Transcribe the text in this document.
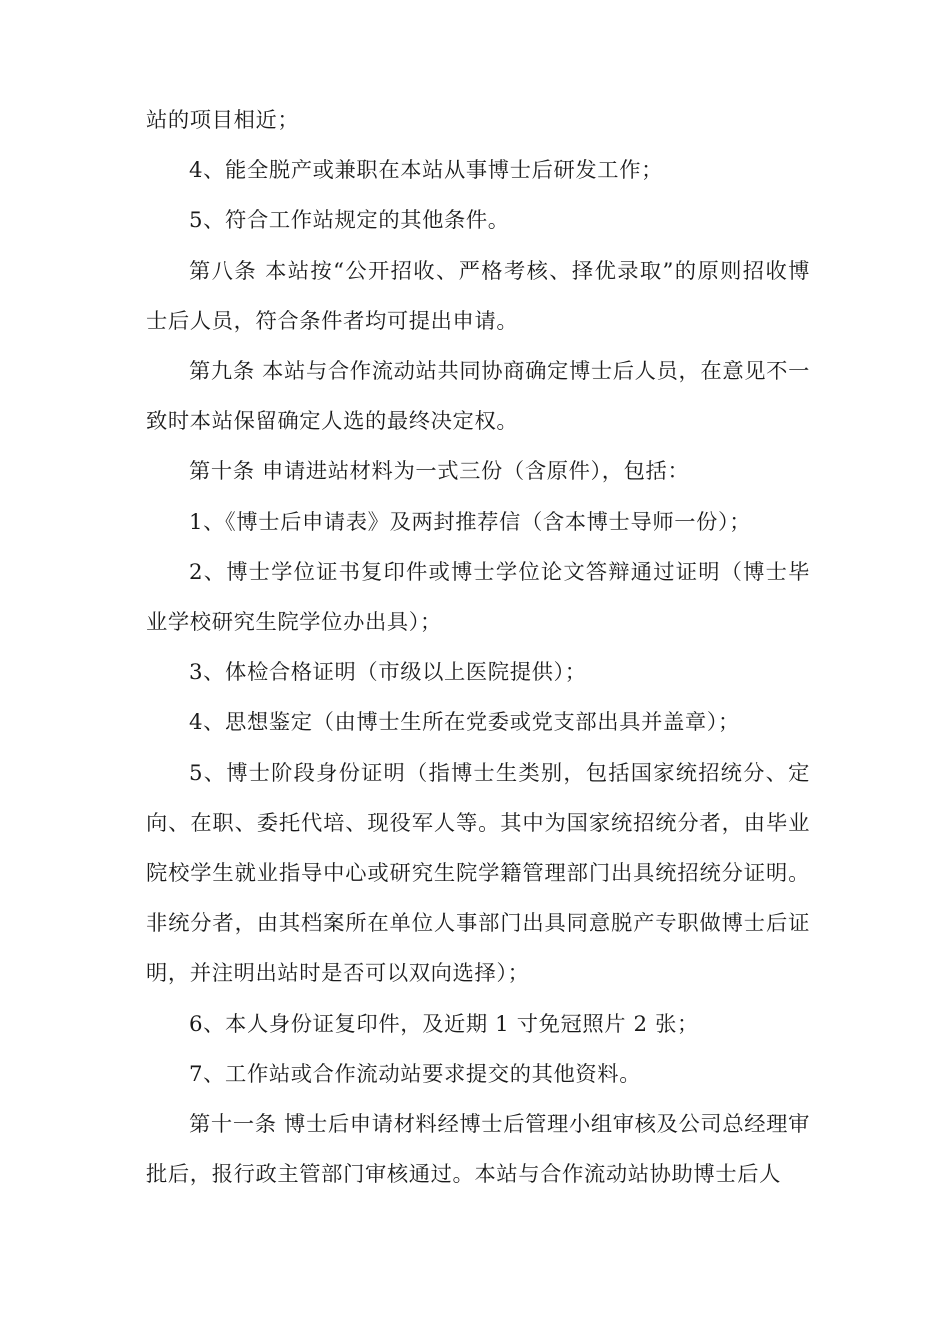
站的项目相近；

4、能全脱产或兼职在本站从事博士后研发工作；

5、符合工作站规定的其他条件。

第八条 本站按“公开招收、严格考核、择优录取”的原则招收博士后人员，符合条件者均可提出申请。

第九条 本站与合作流动站共同协商确定博士后人员，在意见不一致时本站保留确定人选的最终决定权。

第十条 申请进站材料为一式三份（含原件），包括：

1、《博士后申请表》及两封推荐信（含本博士导师一份）；

2、博士学位证书复印件或博士学位论文答辩通过证明（博士毕业学校研究生院学位办出具）；

3、体检合格证明（市级以上医院提供）；

4、思想鉴定（由博士生所在党委或党支部出具并盖章）；

5、博士阶段身份证明（指博士生类别，包括国家统招统分、定向、在职、委托代培、现役军人等。其中为国家统招统分者，由毕业院校学生就业指导中心或研究生院学籍管理部门出具统招统分证明。非统分者，由其档案所在单位人事部门出具同意脱产专职做博士后证明，并注明出站时是否可以双向选择）；

6、本人身份证复印件，及近期 1 寸免冠照片 2 张；

7、工作站或合作流动站要求提交的其他资料。

第十一条 博士后申请材料经博士后管理小组审核及公司总经理审批后，报行政主管部门审核通过。本站与合作流动站协助博士后人
